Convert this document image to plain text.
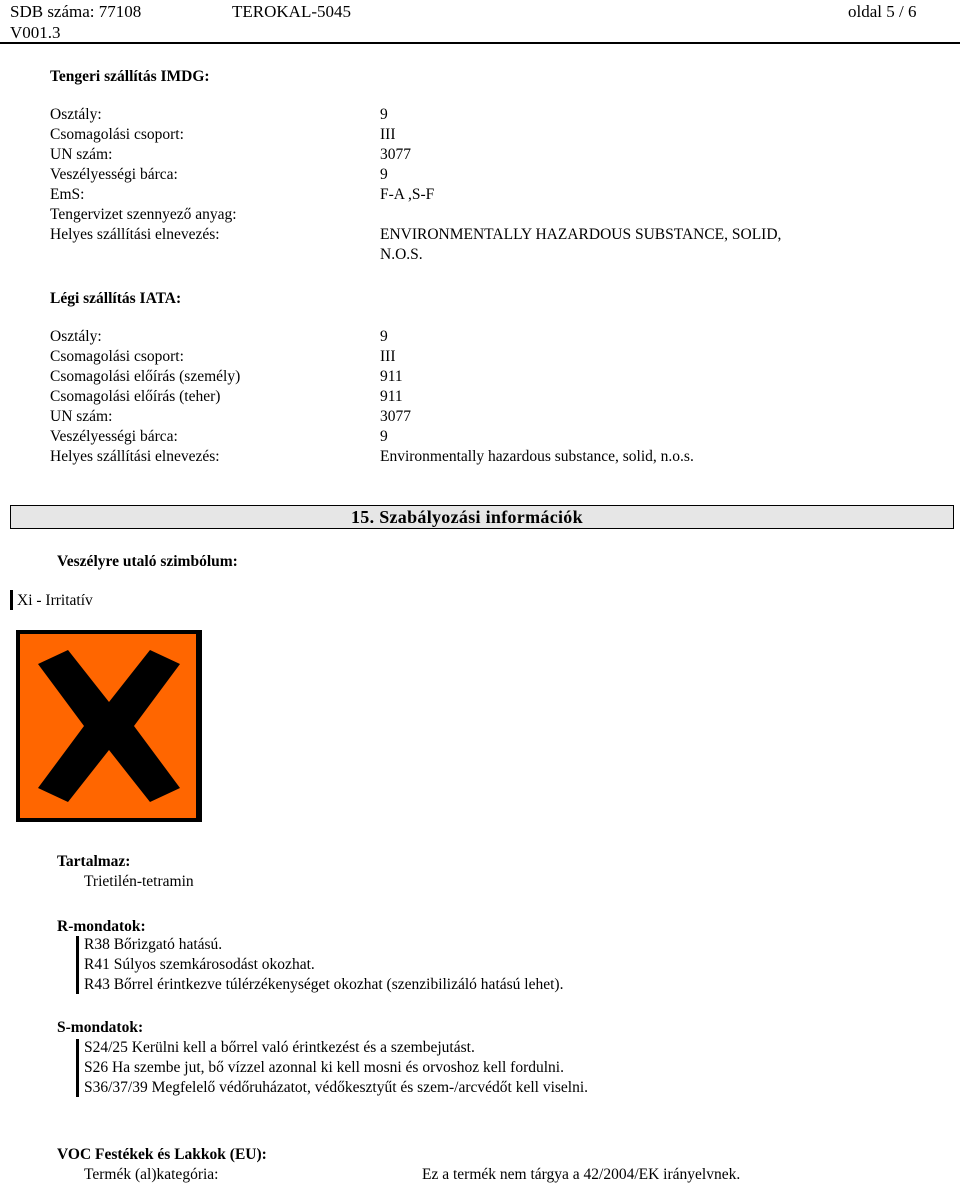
SDB száma: 77108	TEROKAL-5045	oldal 5 / 6
V001.3
Tengeri szállítás IMDG:
Osztály:	9
Csomagolási csoport:	III
UN szám:	3077
Veszélyességi bárca:	9
EmS:	F-A ,S-F
Tengervizet szennyező anyag:
Helyes szállítási elnevezés:	ENVIRONMENTALLY HAZARDOUS SUBSTANCE, SOLID,
N.O.S.
Légi szállítás IATA:
Osztály:	9
Csomagolási csoport:	III
Csomagolási előírás (személy)	911
Csomagolási előírás (teher)	911
UN szám:	3077
Veszélyességi bárca:	9
Helyes szállítási elnevezés:	Environmentally hazardous substance, solid, n.o.s.
15. Szabályozási információk
Veszélyre utaló szimbólum:
Xi - Irritatív
Tartalmaz:
Trietilén-tetramin
R-mondatok:
R38 Bőrizgató hatású.
R41 Súlyos szemkárosodást okozhat.
R43 Bőrrel érintkezve túlérzékenységet okozhat (szenzibilizáló hatású lehet).
S-mondatok:
S24/25 Kerülni kell a bőrrel való érintkezést és a szembejutást.
S26 Ha szembe jut, bő vízzel azonnal ki kell mosni és orvoshoz kell fordulni.
S36/37/39 Megfelelő védőruházatot, védőkesztyűt és szem-/arcvédőt kell viselni.
VOC Festékek és Lakkok (EU):
Termék (al)kategória:	Ez a termék nem tárgya a 42/2004/EK irányelvnek.
